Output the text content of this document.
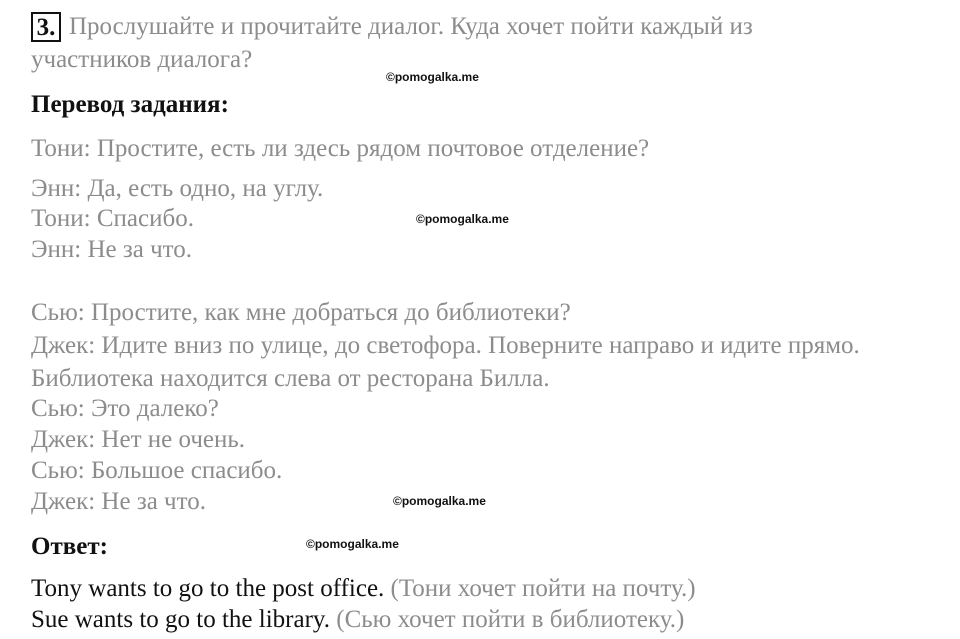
3. Прослушайте и прочитайте диалог. Куда хочет пойти каждый из
участников диалога?
©pomogalka.me
Перевод задания:
Тони: Простите, есть ли здесь рядом почтовое отделение?
Энн: Да, есть одно, на углу.
Тони: Спасибо.	©pomogalka.me
Энн: Не за что.
Сью: Простите, как мне добраться до библиотеки?
Джек: Идите вниз по улице, до светофора. Поверните направо и идите прямо.
Библиотека находится слева от ресторана Билла.
Сью: Это далеко?
Джек: Нет не очень.
Сью: Большое спасибо.
Джек: Не за что.	©pomogalka.me
Ответ:	©pomogalka.me
Tony wants to go to the post office. (Тони хочет пойти на почту.)
Sue wants to go to the library. (Сью хочет пойти в библиотеку.)
